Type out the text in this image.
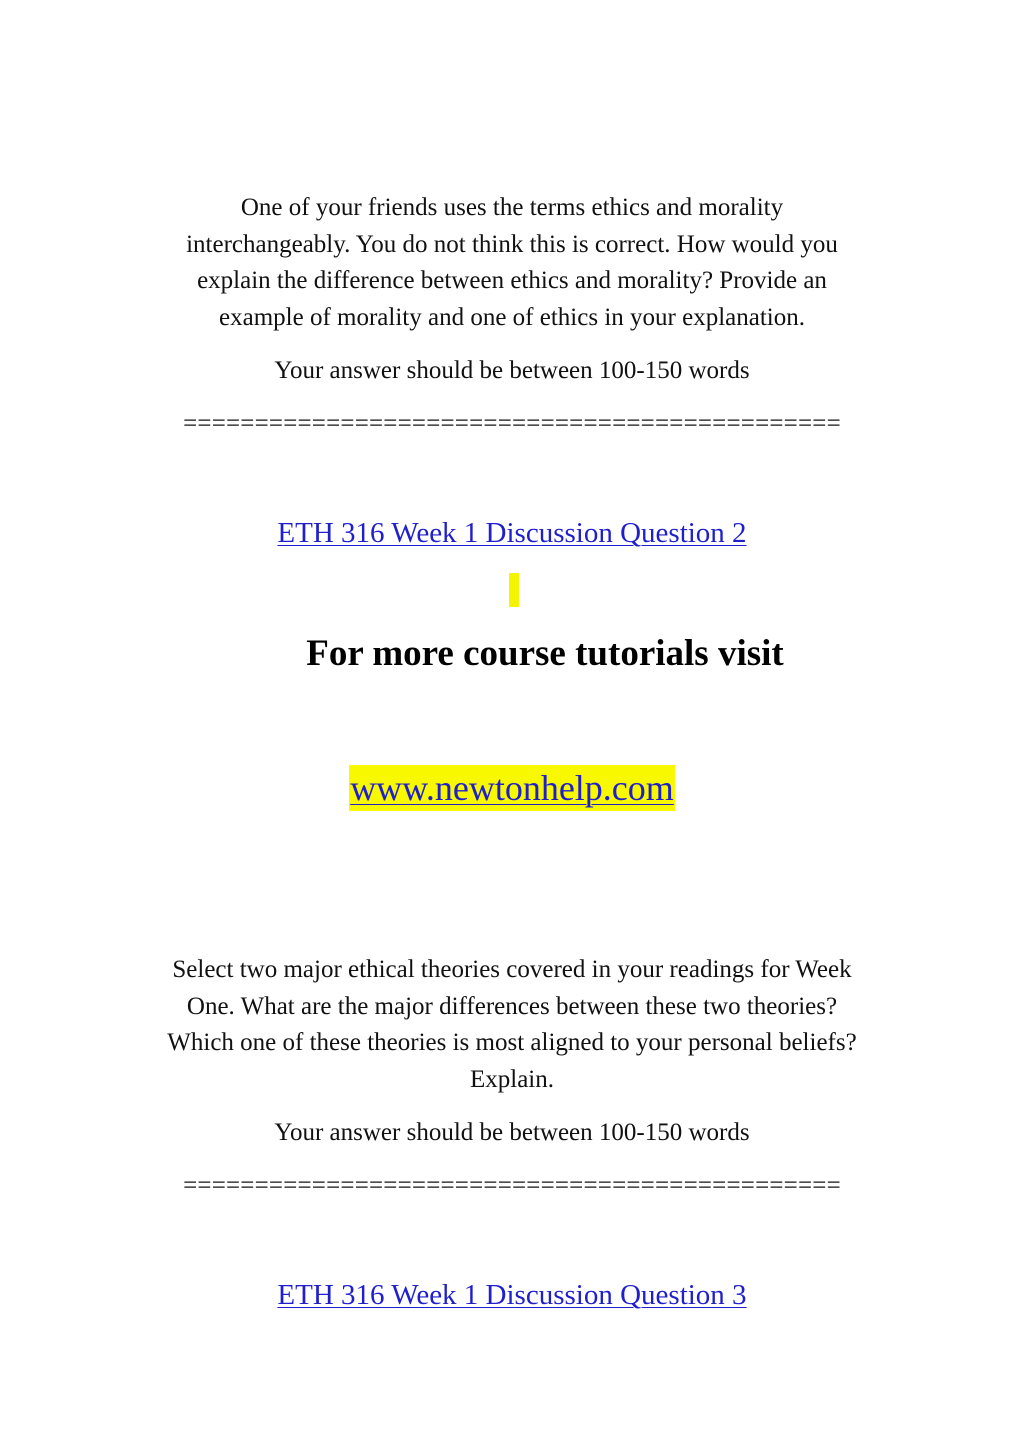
One of your friends uses the terms ethics and morality
interchangeably. You do not think this is correct. How would you
explain the difference between ethics and morality? Provide an
example of morality and one of ethics in your explanation.

Your answer should be between 100-150 words

==============================================

ETH 316 Week 1 Discussion Question 2

For more course tutorials visit

www.newtonhelp.com

Select two major ethical theories covered in your readings for Week
One. What are the major differences between these two theories?
Which one of these theories is most aligned to your personal beliefs?
Explain.

Your answer should be between 100-150 words

==============================================

ETH 316 Week 1 Discussion Question 3
